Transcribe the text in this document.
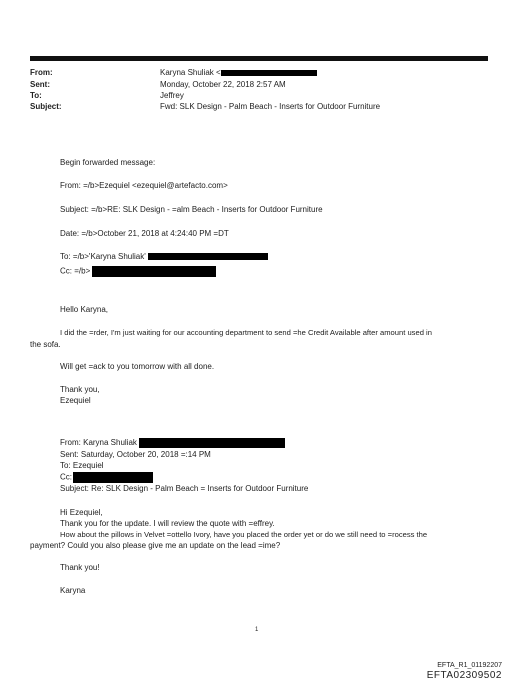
From:
Sent:
To:
Subject:
Karyna Shuliak <
Monday, October 22, 2018 2:57 AM
Jeffrey
Fwd: SLK Design - Palm Beach - Inserts for Outdoor Furniture
Begin forwarded message:
From: =/b>Ezequiel <ezequiel@artefacto.com>
Subject: =/b>RE: SLK Design - =alm Beach - Inserts for Outdoor Furniture
Date: =/b>October 21, 2018 at 4:24:40 PM =DT
To: =/b>'Karyna Shuliak'
Cc: =/b>
Hello Karyna,
I did the =rder, I'm just waiting for our accounting department to send =he Credit Available after amount used in
the sofa.
Will get =ack to you tomorrow with all done.
Thank you,
Ezequiel
From: Karyna Shuliak
Sent: Saturday, October 20, 2018 =:14 PM
To: Ezequiel
Cc:
Subject: Re: SLK Design - Palm Beach = Inserts for Outdoor Furniture
Hi Ezequiel,
Thank you for the update. I will review the quote with =effrey.
How about the pillows in Velvet =ottello Ivory, have you placed the order yet or do we still need to =rocess the
payment? Could you also please give me an update on the lead =ime?
Thank you!
Karyna
1
EFTA_R1_01192207
EFTA02309502
